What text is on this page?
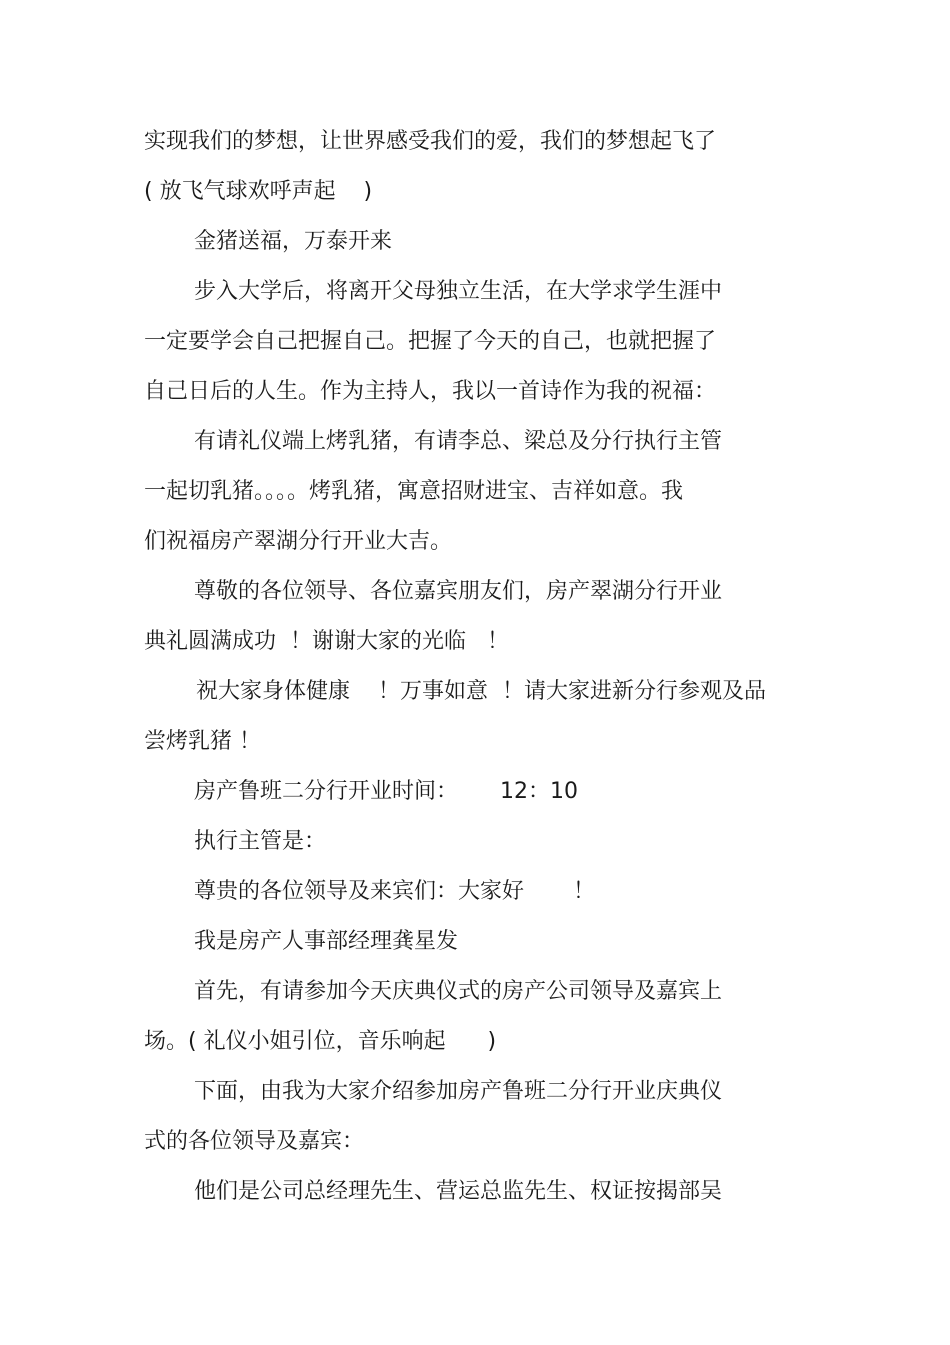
实现我们的梦想，让世界感受我们的爱，我们的梦想起飞了
( 放飞气球欢呼声起    )
金猪送福，万泰开来
步入大学后，将离开父母独立生活，在大学求学生涯中
一定要学会自己把握自己。把握了今天的自己，也就把握了
自己日后的人生。作为主持人，我以一首诗作为我的祝福：
有请礼仪端上烤乳猪，有请李总、梁总及分行执行主管
一起切乳猪。。。。烤乳猪，寓意招财进宝、吉祥如意。我
们祝福房产翠湖分行开业大吉。
尊敬的各位领导、各位嘉宾朋友们，房产翠湖分行开业
典礼圆满成功  ！谢谢大家的光临   ！
祝大家身体健康    ！万事如意  ！请大家进新分行参观及品
尝烤乳猪 ！
房产鲁班二分行开业时间：      12：10
执行主管是：
尊贵的各位领导及来宾们：大家好       ！
我是房产人事部经理龚星发
首先，有请参加今天庆典仪式的房产公司领导及嘉宾上
场。( 礼仪小姐引位，音乐响起      )
下面，由我为大家介绍参加房产鲁班二分行开业庆典仪
式的各位领导及嘉宾：
他们是公司总经理先生、营运总监先生、权证按揭部吴
